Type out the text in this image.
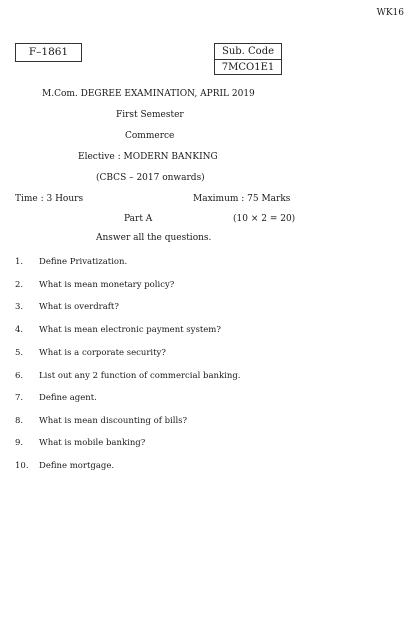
WK16
F–1861	Sub. Code
7MCO1E1
M.Com. DEGREE EXAMINATION, APRIL 2019
First Semester
Commerce
Elective : MODERN BANKING
(CBCS – 2017 onwards)
Time : 3 Hours	Maximum : 75 Marks
Part A	(10 × 2 = 20)
Answer all the questions.
1. Define Privatization.
2. What is mean monetary policy?
3. What is overdraft?
4. What is mean electronic payment system?
5. What is a corporate security?
6. List out any 2 function of commercial banking.
7. Define agent.
8. What is mean discounting of bills?
9. What is mobile banking?
10. Define mortgage.
